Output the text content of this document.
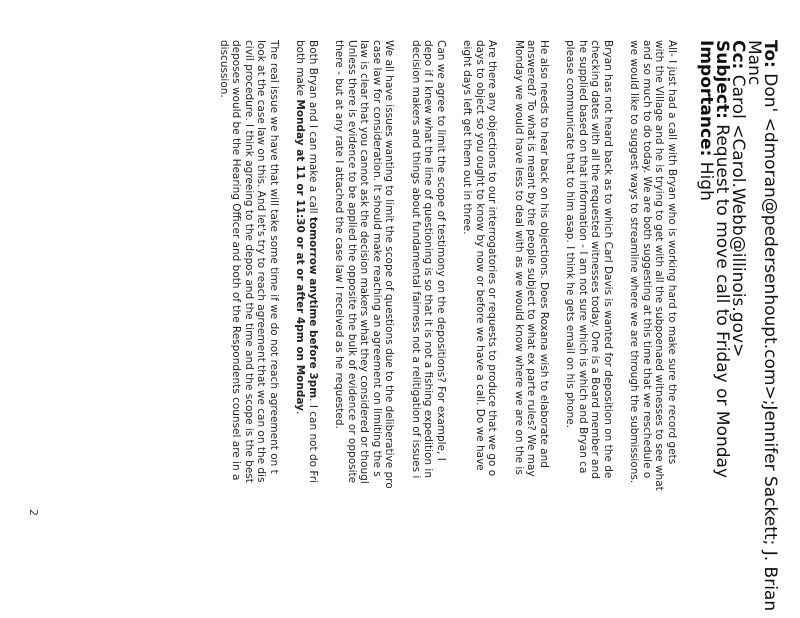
To: Don' <dmoran@pedersenhoupt.com>;Jennifer Sackett; J. Brian Manc
Cc: Carol <Carol.Webb@illinois.gov>
Subject: Request to move call to Friday or Monday
Importance: High
All- I just had a call with Bryan who is working hard to make sure the record gets
with the Village and he is trying to get with all the subpoenaed witnesses to see what
and so much to do today. We are both suggesting at this time that we reschedule o
we would like to suggest ways to streamline where we are through the submissions.
Bryan has not heard back as to which Carl Davis is wanted for deposition on the de
checking dates with all the requested witnesses today. One is a Board member and
he supplied based on that information - I am not sure which is which and Bryan ca
please communicate that to him asap. I think he gets email on his phone.
He also needs to hear back on his objections. Does Roxana wish to elaborate and
answered? To what is meant by the people subject to what ex parte rules? We may
Monday we would have less to deal with as we would know where we are on the is
Are there any objections to our interrogatories or requests to produce that we go o
days to object so you ought to know by now or before we have a call. Do we have
eight days left get them out in three.
Can we agree to limit the scope of testimony on the depositions? For example, I
depo if I knew what the line of questioning is so that it is not a fishing expedition in
decision makers and things about fundamental fairness not a relitigation of issues i
We all have issues wanting to limit the scope of questions due to the deliberative pro
case law for consideration. It should make reaching an agreement on limiting the s
law is clear that you cannot ask the decision makers what they considered or thougl
Unless there is evidence to be applied the opposite the bulk of evidence or opposite
there - but at any rate I attached the case law I received as he requested.
Both Bryan and I can make a call tomorrow anytime before 3pm. I can not do Fri
both make Monday at 11 or 11:30 or at or after 4pm on Monday.
The real issue we have that will take some time if we do not reach agreement on t
look at the case law on this. And let's try to reach agreement that we can on the dis
civil procedure. I think agreeing to the depos and the time and the scope is the best
deposes would be the Hearing Officer and both of the Respondents counsel are in a
discussion.
2
